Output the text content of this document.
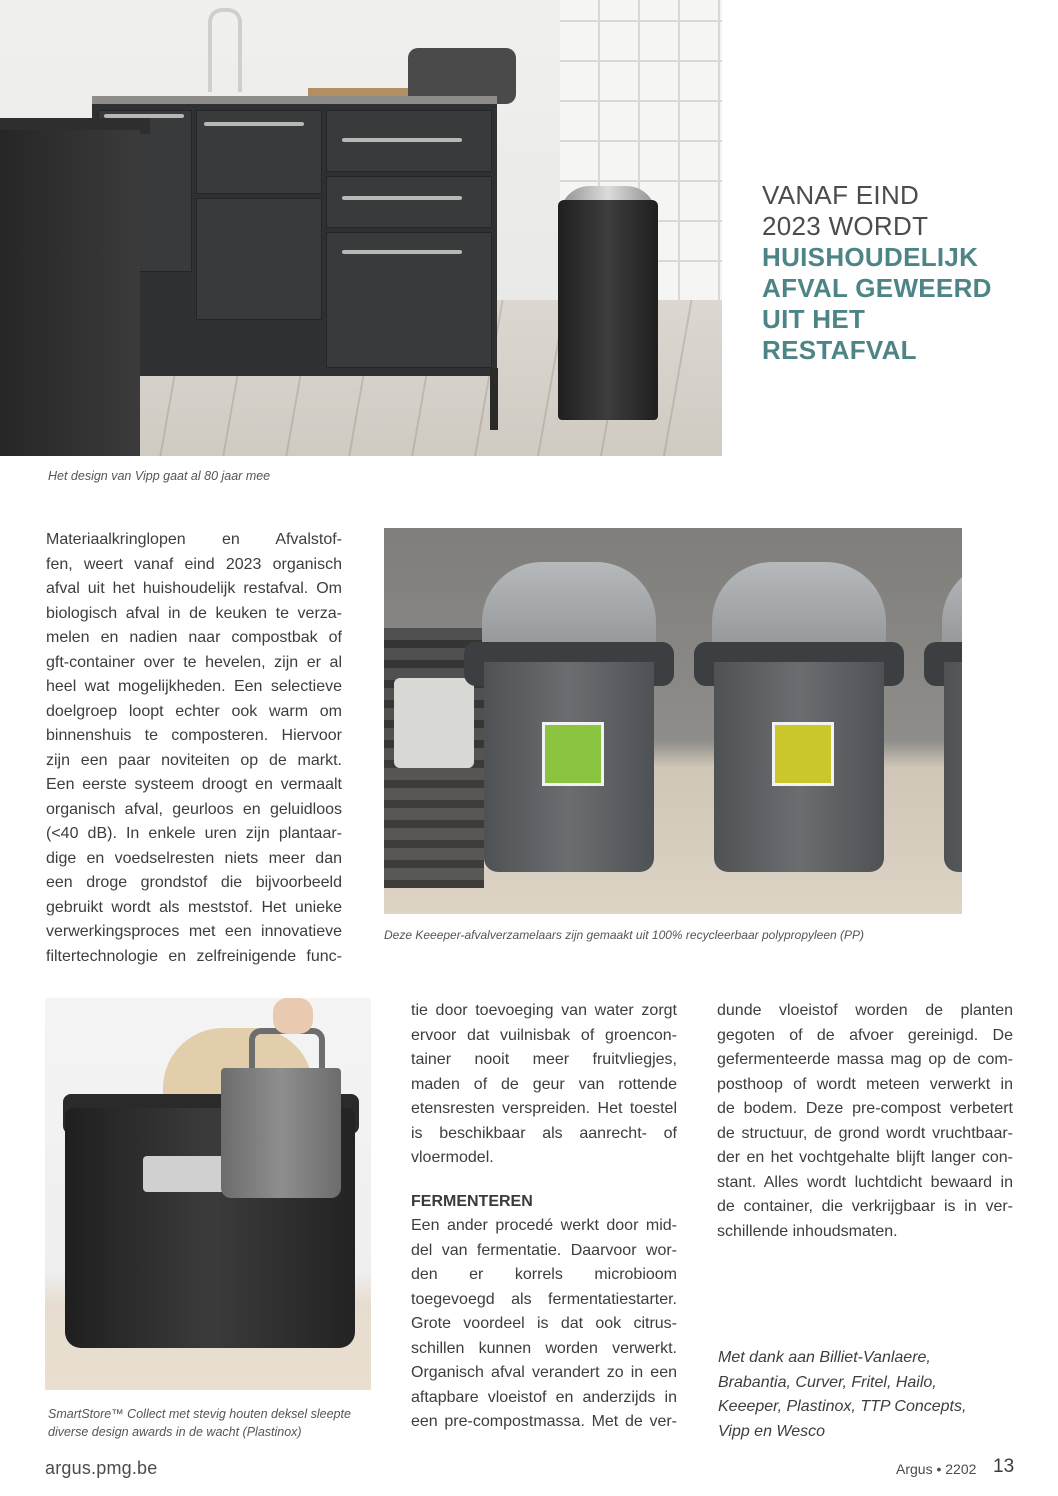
VANAF EIND
2023 WORDT
HUISHOUDELIJK
AFVAL GEWEERD
UIT HET
RESTAFVAL
Het design van Vipp gaat al 80 jaar mee

Materiaalkringlopen en Afvalstof-

fen, weert vanaf eind 2023 organisch

afval uit het huishoudelijk restafval. Om

biologisch afval in de keuken te verza-

melen en nadien naar compostbak of

gft-container over te hevelen, zijn er al

heel wat mogelijkheden. Een selectieve

doelgroep loopt echter ook warm om

binnenshuis te composteren. Hiervoor

zijn een paar noviteiten op de markt.

Een eerste systeem droogt en vermaalt

organisch afval, geurloos en geluidloos

(<40 dB). In enkele uren zijn plantaar-

dige en voedselresten niets meer dan

een droge grondstof die bijvoorbeeld

gebruikt wordt als meststof. Het unieke

verwerkingsproces met een innovatieve

filtertechnologie en zelfreinigende func-

Deze Keeeper-afvalverzamelaars zijn gemaakt uit 100% recycleerbaar polypropyleen (PP)
SmartStore™ Collect met stevig houten deksel sleepte
diverse design awards in de wacht (Plastinox)

tie door toevoeging van water zorgt

ervoor dat vuilnisbak of groencon-

tainer nooit meer fruitvliegjes,

maden of de geur van rottende

etensresten verspreiden. Het toestel

is beschikbaar als aanrecht- of

vloermodel.

FERMENTEREN

Een ander procedé werkt door mid-

del van fermentatie. Daarvoor wor-

den er korrels microbioom

toegevoegd als fermentatiestarter.

Grote voordeel is dat ook citrus-

schillen kunnen worden verwerkt.

Organisch afval verandert zo in een

aftapbare vloeistof en anderzijds in

een pre-compostmassa. Met de ver-

dunde vloeistof worden de planten

gegoten of de afvoer gereinigd. De

gefermenteerde massa mag op de com-

posthoop of wordt meteen verwerkt in

de bodem. Deze pre-compost verbetert

de structuur, de grond wordt vruchtbaar-

der en het vochtgehalte blijft langer con-

stant. Alles wordt luchtdicht bewaard in

de container, die verkrijgbaar is in ver-

schillende inhoudsmaten.

Met dank aan Billiet-Vanlaere,
Brabantia, Curver, Fritel, Hailo,
Keeeper, Plastinox, TTP Concepts,
Vipp en Wesco
argus.pmg.be	Argus • 2202 13
